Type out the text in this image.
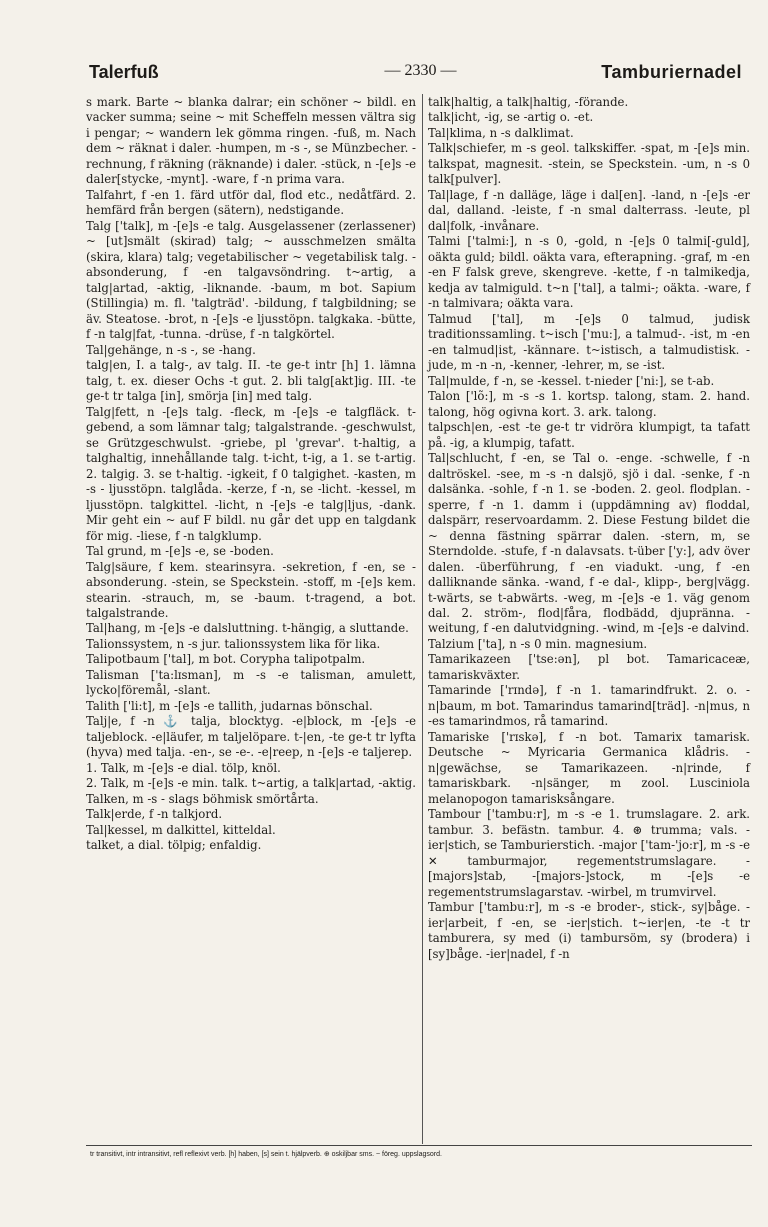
Talerfuß	— 2330 —	Tamburiernadel

s mark. Barte ~ blanka dalrar; ein schöner ~ bildl. en vacker summa; seine ~ mit Scheffeln messen vältra sig i pengar; ~ wandern lek gömma ringen. -fuß, m. Nach dem ~ räknat i daler. -humpen, m -s -, se Münzbecher. -rechnung, f räkning (räknande) i daler. -stück, n -[e]s -e daler[stycke, -mynt]. -ware, f -n prima vara.

Talfahrt, f -en 1. färd utför dal, flod etc., nedåtfärd. 2. hemfärd från bergen (sätern), nedstigande.

Talg ['talk], m -[e]s -e talg. Ausgelassener (zerlassener) ~ [ut]smält (skirad) talg; ~ ausschmelzen smälta (skira, klara) talg; vegetabilischer ~ vegetabilisk talg. -absonderung, f -en talgavsöndring. t~artig, a talg|artad, -aktig, -liknande. -baum, m bot. Sapium (Stillingia) m. fl. 'talgträd'. -bildung, f talgbildning; se äv. Steatose. -brot, n -[e]s -e ljusstöpn. talgkaka. -bütte, f -n talg|fat, -tunna. -drüse, f -n talgkörtel.

Tal|gehänge, n -s -, se -hang.

talg|en, I. a talg-, av talg. II. -te ge-t intr [h] 1. lämna talg, t. ex. dieser Ochs -t gut. 2. bli talg[akt]ig. III. -te ge-t tr talga [in], smörja [in] med talg.

Talg|fett, n -[e]s talg. -fleck, m -[e]s -e talgfläck. t-gebend, a som lämnar talg; talgalstrande. -geschwulst, se Grützgeschwulst. -griebe, pl 'grevar'. t-haltig, a talghaltig, innehållande talg. t-icht, t-ig, a 1. se t-artig. 2. talgig. 3. se t-haltig. -igkeit, f 0 talgighet. -kasten, m -s - ljusstöpn. talglåda. -kerze, f -n, se -licht. -kessel, m ljusstöpn. talgkittel. -licht, n -[e]s -e talg|ljus, -dank. Mir geht ein ~ auf F bildl. nu går det upp en talgdank för mig. -liese, f -n talgklump.

Tal grund, m -[e]s -e, se -boden.

Talg|säure, f kem. stearinsyra. -sekretion, f -en, se -absonderung. -stein, se Speckstein. -stoff, m -[e]s kem. stearin. -strauch, m, se -baum. t-tragend, a bot. talgalstrande.

Tal|hang, m -[e]s -e dalsluttning. t-hängig, a sluttande.

Talionssystem, n -s jur. talionssystem lika för lika.

Talipotbaum ['tal], m bot. Corypha talipotpalm.

Talisman ['ta:lɪsman], m -s -e talisman, amulett, lycko|föremål, -slant.

Talith ['li:t], m -[e]s -e tallith, judarnas bönschal.

Talj|e, f -n ⚓ talja, blocktyg. -e|block, m -[e]s -e taljeblock. -e|läufer, m taljelöpare. t-|en, -te ge-t tr lyfta (hyva) med talja. -en-, se -e-. -e|reep, n -[e]s -e taljerep.

1. Talk, m -[e]s -e dial. tölp, knöl.

2. Talk, m -[e]s -e min. talk. t~artig, a talk|artad, -aktig.

Talken, m -s - slags böhmisk smörtårta.

Talk|erde, f -n talkjord.

Tal|kessel, m dalkittel, kitteldal.

talket, a dial. tölpig; enfaldig.

talk|haltig, a talk|haltig, -förande.

talk|icht, -ig, se -artig o. -et.

Tal|klima, n -s dalklimat.

Talk|schiefer, m -s geol. talkskiffer. -spat, m -[e]s min. talkspat, magnesit. -stein, se Speckstein. -um, n -s 0 talk[pulver].

Tal|lage, f -n dalläge, läge i dal[en]. -land, n -[e]s -er dal, dalland. -leiste, f -n smal dalterrass. -leute, pl dal|folk, -invånare.

Talmi ['talmi:], n -s 0, -gold, n -[e]s 0 talmi[-guld], oäkta guld; bildl. oäkta vara, efterapning. -graf, m -en -en F falsk greve, skengreve. -kette, f -n talmikedja, kedja av talmiguld. t~n ['tal], a talmi-; oäkta. -ware, f -n talmivara; oäkta vara.

Talmud ['tal], m -[e]s 0 talmud, judisk traditionssamling. t~isch ['mu:], a talmud-. -ist, m -en -en talmud|ist, -kännare. t~istisch, a talmudistisk. -jude, m -n -n, -kenner, -lehrer, m, se -ist.

Tal|mulde, f -n, se -kessel. t-nieder ['ni:], se t-ab.

Talon ['lõ:], m -s -s 1. kortsp. talong, stam. 2. hand. talong, hög ogivna kort. 3. ark. talong.

talpsch|en, -est -te ge-t tr vidröra klumpigt, ta tafatt på. -ig, a klumpig, tafatt.

Tal|schlucht, f -en, se Tal o. -enge. -schwelle, f -n daltröskel. -see, m -s -n dalsjö, sjö i dal. -senke, f -n dalsänka. -sohle, f -n 1. se -boden. 2. geol. flodplan. -sperre, f -n 1. damm i (uppdämning av) floddal, dalspärr, reservoardamm. 2. Diese Festung bildet die ~ denna fästning spärrar dalen. -stern, m, se Sterndolde. -stufe, f -n dalavsats. t-über ['y:], adv över dalen. -überführung, f -en viadukt. -ung, f -en dalliknande sänka. -wand, f -e dal-, klipp-, berg|vägg. t-wärts, se t-abwärts. -weg, m -[e]s -e 1. väg genom dal. 2. ström-, flod|fåra, flodbädd, djupränna. -weitung, f -en dalutvidgning. -wind, m -[e]s -e dalvind.

Talzium ['ta], n -s 0 min. magnesium.

Tamarikazeen ['tse:ən], pl bot. Tamaricaceæ, tamariskväxter.

Tamarinde ['rɪndə], f -n 1. tamarindfrukt. 2. o. -n|baum, m bot. Tamarindus tamarind[träd]. -n|mus, n -es tamarindmos, rå tamarind.

Tamariske ['rɪskə], f -n bot. Tamarix tamarisk. Deutsche ~ Myricaria Germanica klådris. -n|gewächse, se Tamarikazeen. -n|rinde, f tamariskbark. -n|sänger, m zool. Lusciniola melanopogon tamarisksångare.

Tambour ['tambu:r], m -s -e 1. trumslagare. 2. ark. tambur. 3. befästn. tambur. 4. ⊛ trumma; vals. -ier|stich, se Tamburierstich. -major ['tam-'jo:r], m -s -e ✕ tamburmajor, regementstrumslagare. -[majors]stab, -[majors-]stock, m -[e]s -e regementstrumslagarstav. -wirbel, m trumvirvel.

Tambur ['tambu:r], m -s -e broder-, stick-, sy|båge. -ier|arbeit, f -en, se -ier|stich. t~ier|en, -te -t tr tamburera, sy med (i) tambursöm, sy (brodera) i [sy]båge. -ier|nadel, f -n

tr transitivt, intr intransitivt, refl reflexivt verb. [h] haben, [s] sein t. hjälpverb. ⊕ oskiljbar sms. ~ föreg. uppslagsord.
